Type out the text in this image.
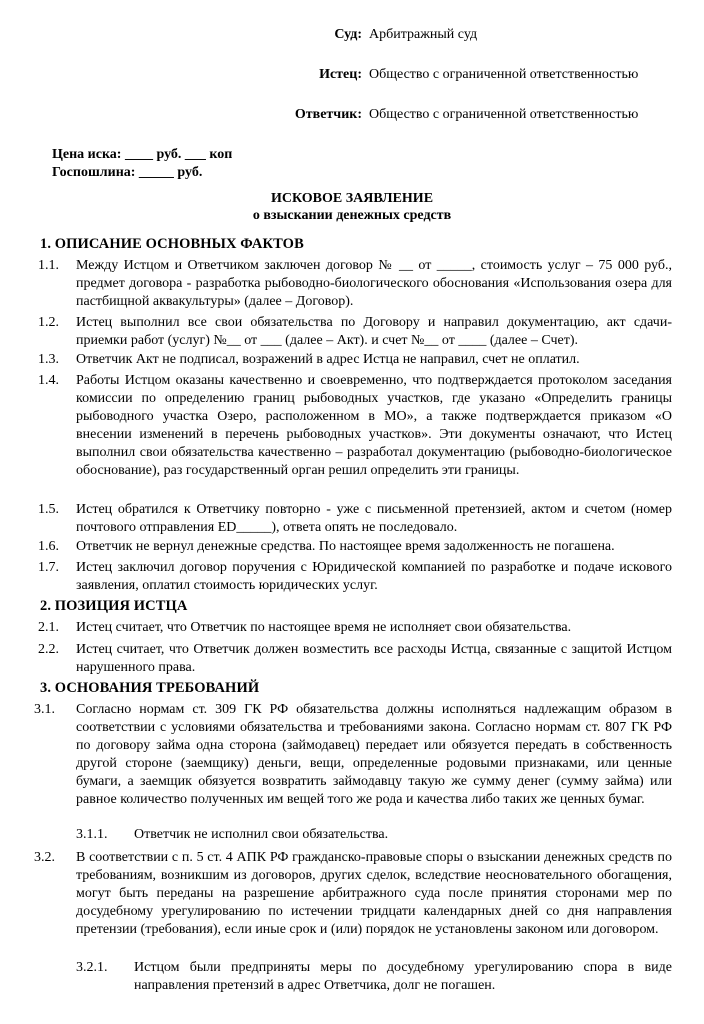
Суд: Арбитражный суд
Истец: Общество с ограниченной ответственностью
Ответчик: Общество с ограниченной ответственностью
Цена иска: ____ руб. ___ коп
Госпошлина: _____ руб.
ИСКОВОЕ ЗАЯВЛЕНИЕ
о взыскании денежных средств
1. ОПИСАНИЕ ОСНОВНЫХ ФАКТОВ
1.1. Между Истцом и Ответчиком заключен договор № __ от _____, стоимость услуг – 75 000 руб., предмет договора - разработка рыбоводно-биологического обоснования «Использования озера для пастбищной аквакультуры» (далее – Договор).
1.2. Истец выполнил все свои обязательства по Договору и направил документацию, акт сдачи-приемки работ (услуг) №__ от ___ (далее – Акт). и счет №__ от ____ (далее – Счет).
1.3. Ответчик Акт не подписал, возражений в адрес Истца не направил, счет не оплатил.
1.4. Работы Истцом оказаны качественно и своевременно, что подтверждается протоколом заседания комиссии по определению границ рыбоводных участков, где указано «Определить границы рыбоводного участка Озеро, расположенном в МО», а также подтверждается приказом «О внесении изменений в перечень рыбоводных участков». Эти документы означают, что Истец выполнил свои обязательства качественно – разработал документацию (рыбоводно-биологическое обоснование), раз государственный орган решил определить эти границы.
1.5. Истец обратился к Ответчику повторно - уже с письменной претензией, актом и счетом (номер почтового отправления ED_____), ответа опять не последовало.
1.6. Ответчик не вернул денежные средства. По настоящее время задолженность не погашена.
1.7. Истец заключил договор поручения с Юридической компанией по разработке и подаче искового заявления, оплатил стоимость юридических услуг.
2. ПОЗИЦИЯ ИСТЦА
2.1. Истец считает, что Ответчик по настоящее время не исполняет свои обязательства.
2.2. Истец считает, что Ответчик должен возместить все расходы Истца, связанные с защитой Истцом нарушенного права.
3. ОСНОВАНИЯ ТРЕБОВАНИЙ
3.1. Согласно нормам ст. 309 ГК РФ обязательства должны исполняться надлежащим образом в соответствии с условиями обязательства и требованиями закона. Согласно нормам ст. 807 ГК РФ по договору займа одна сторона (займодавец) передает или обязуется передать в собственность другой стороне (заемщику) деньги, вещи, определенные родовыми признаками, или ценные бумаги, а заемщик обязуется возвратить займодавцу такую же сумму денег (сумму займа) или равное количество полученных им вещей того же рода и качества либо таких же ценных бумаг.
3.1.1. Ответчик не исполнил свои обязательства.
3.2. В соответствии с п. 5 ст. 4 АПК РФ гражданско-правовые споры о взыскании денежных средств по требованиям, возникшим из договоров, других сделок, вследствие неосновательного обогащения, могут быть переданы на разрешение арбитражного суда после принятия сторонами мер по досудебному урегулированию по истечении тридцати календарных дней со дня направления претензии (требования), если иные срок и (или) порядок не установлены законом или договором.
3.2.1. Истцом были предприняты меры по досудебному урегулированию спора в виде направления претензий в адрес Ответчика, долг не погашен.
